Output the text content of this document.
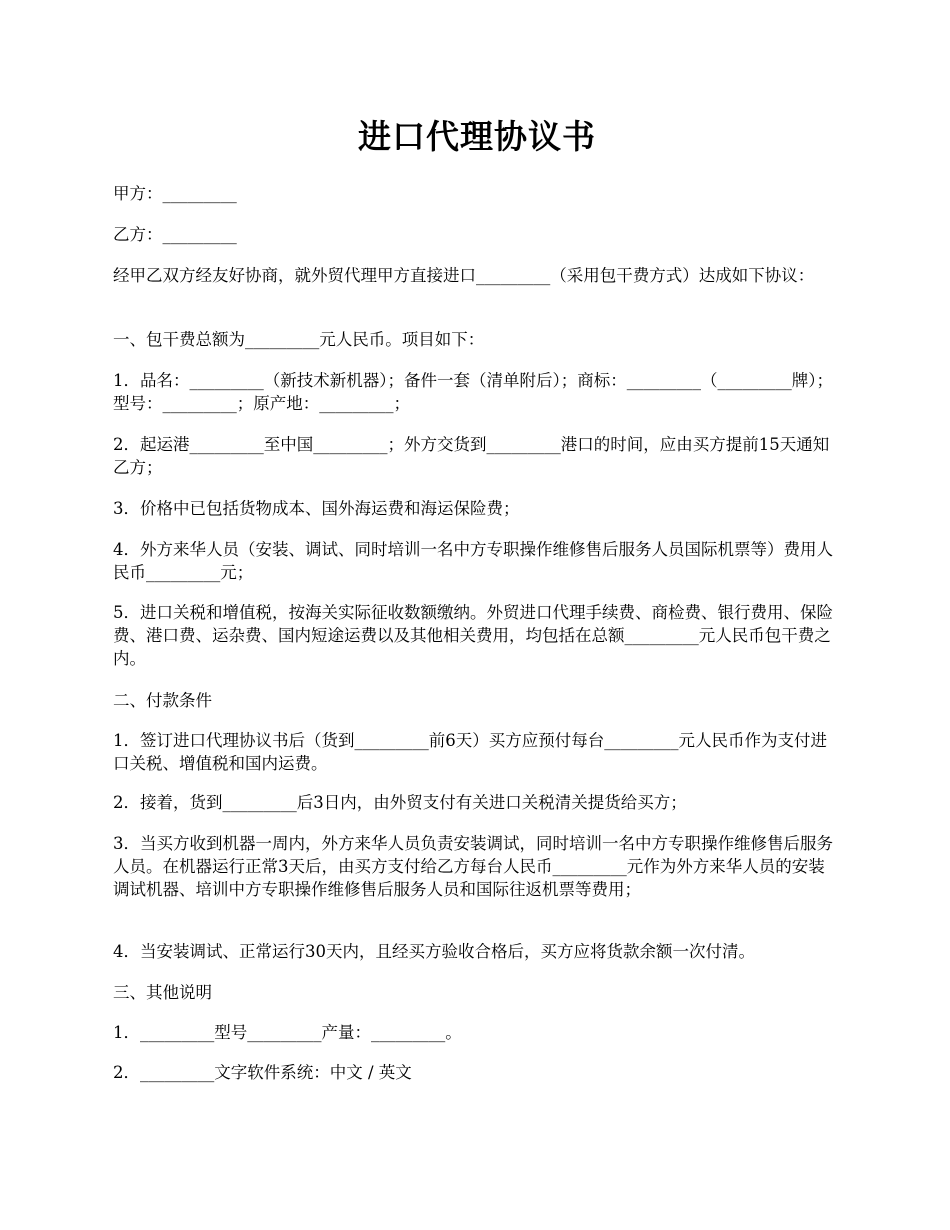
进口代理协议书

甲方：_________

乙方：_________

经甲乙双方经友好协商，就外贸代理甲方直接进口_________（采用包干费方式）达成如下协议：

一、包干费总额为_________元人民币。项目如下：

1．品名：_________（新技术新机器）；备件一套（清单附后）；商标：_________（_________牌）；型号：_________；原产地：_________；

2．起运港_________至中国_________；外方交货到_________港口的时间，应由买方提前15天通知乙方；

3．价格中已包括货物成本、国外海运费和海运保险费；

4．外方来华人员（安装、调试、同时培训一名中方专职操作维修售后服务人员国际机票等）费用人民币_________元；

5．进口关税和增值税，按海关实际征收数额缴纳。外贸进口代理手续费、商检费、银行费用、保险费、港口费、运杂费、国内短途运费以及其他相关费用，均包括在总额_________元人民币包干费之内。

二、付款条件

1．签订进口代理协议书后（货到_________前6天）买方应预付每台_________元人民币作为支付进口关税、增值税和国内运费。

2．接着，货到_________后3日内，由外贸支付有关进口关税清关提货给买方；

3．当买方收到机器一周内，外方来华人员负责安装调试，同时培训一名中方专职操作维修售后服务人员。在机器运行正常3天后，由买方支付给乙方每台人民币_________元作为外方来华人员的安装调试机器、培训中方专职操作维修售后服务人员和国际往返机票等费用；

4．当安装调试、正常运行30天内，且经买方验收合格后，买方应将货款余额一次付清。

三、其他说明

1．_________型号_________产量：_________。

2．_________文字软件系统：中文 / 英文
